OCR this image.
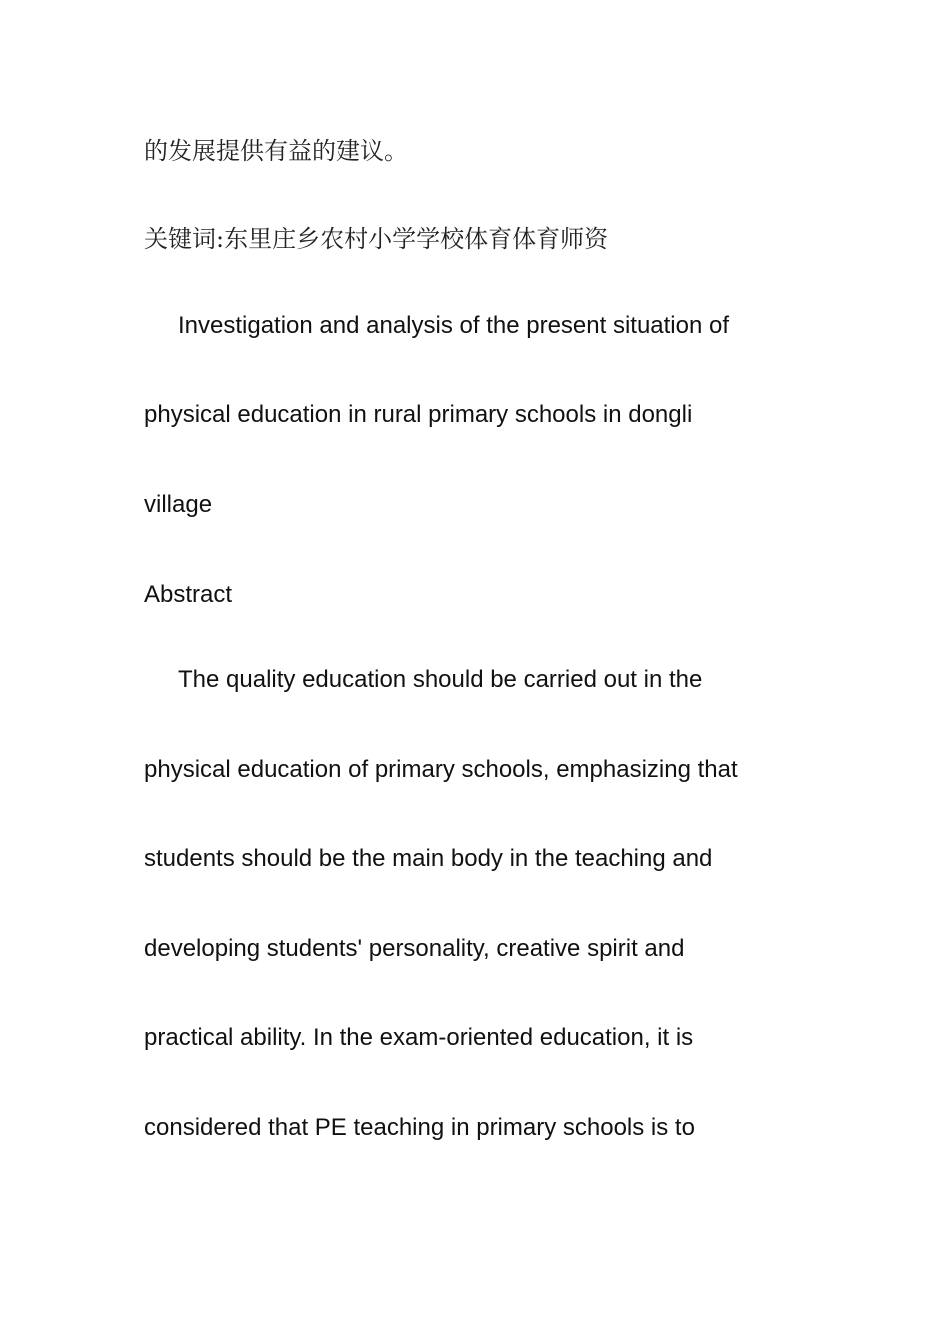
的发展提供有益的建议。
关键词:东里庄乡农村小学学校体育体育师资
Investigation and analysis of the present situation of
physical education in rural primary schools in dongli
village
Abstract
The quality education should be carried out in the
physical education of primary schools, emphasizing that
students should be the main body in the teaching and
developing students' personality, creative spirit and
practical ability. In the exam-oriented education, it is
considered that PE teaching in primary schools is to
